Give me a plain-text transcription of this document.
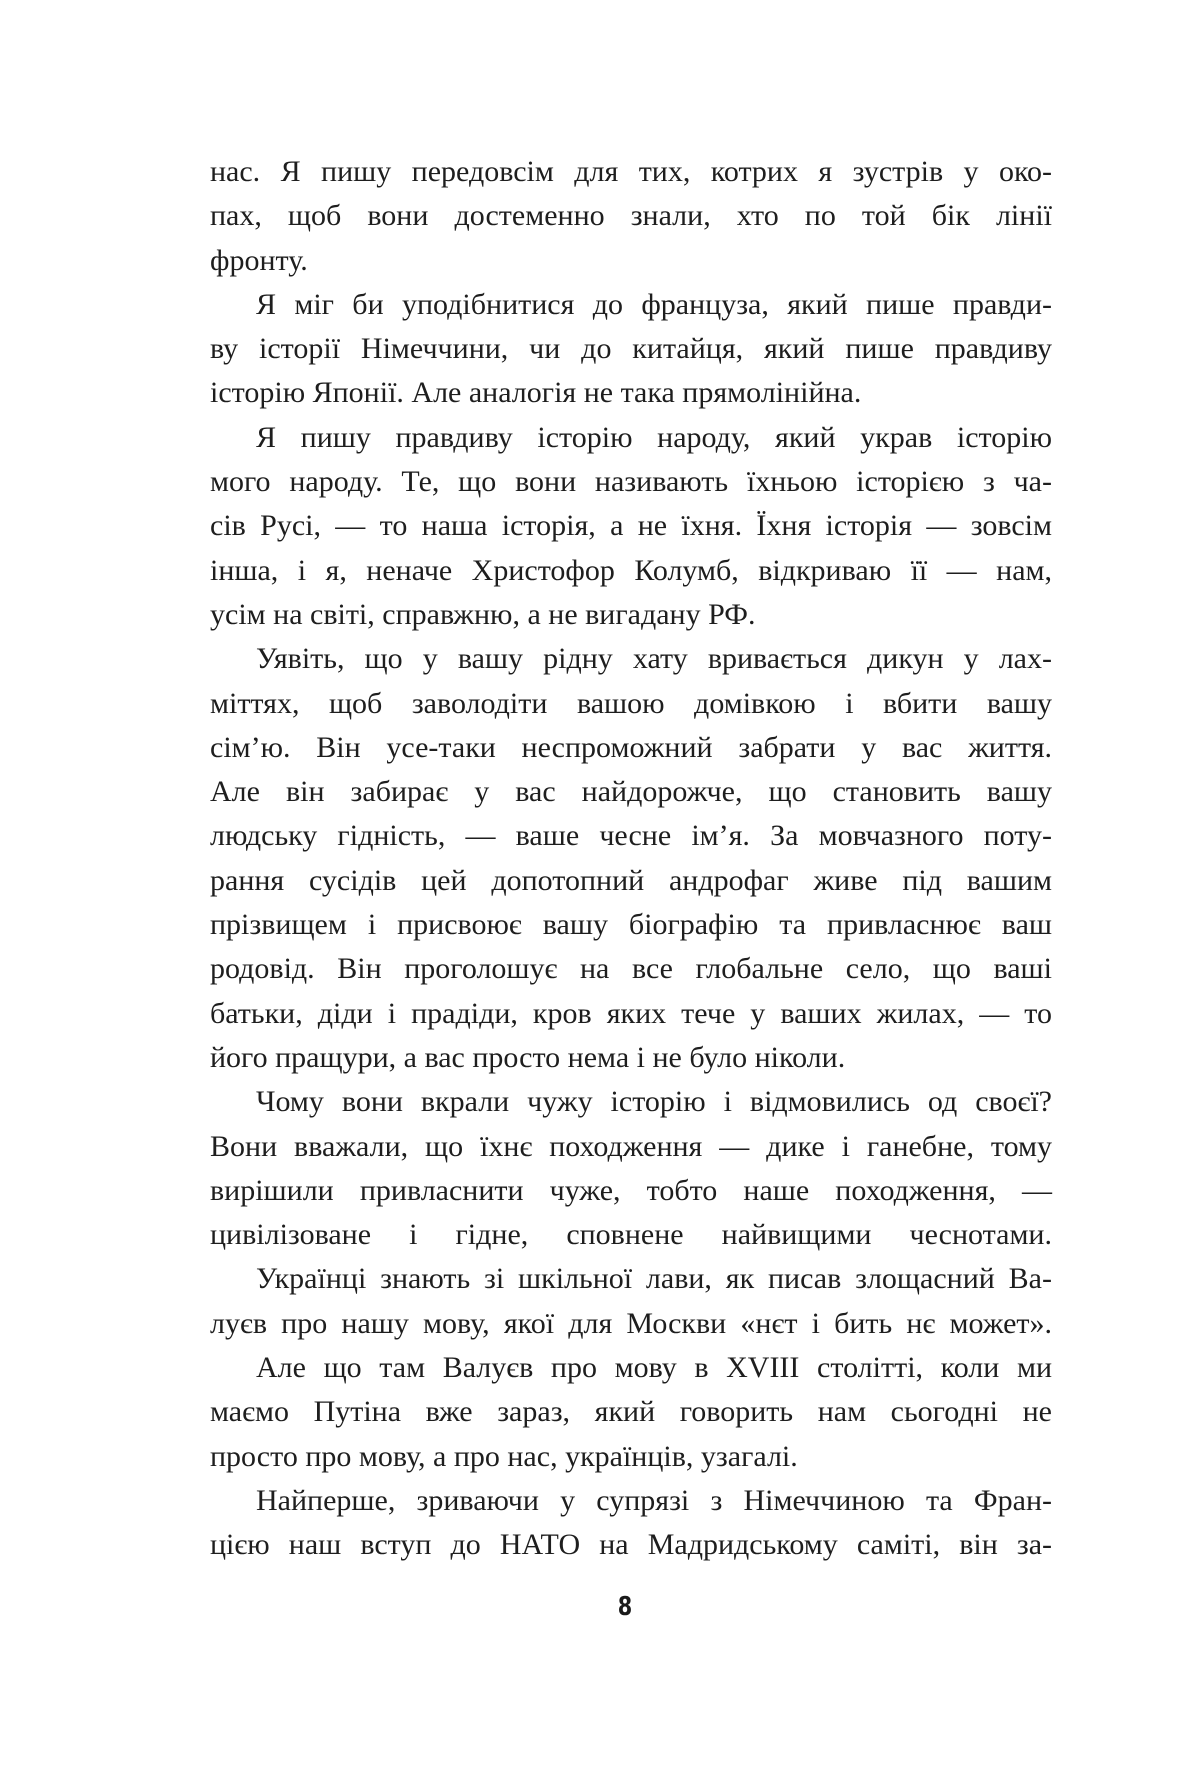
нас. Я пишу передовсім для тих, котрих я зустрів у око-
пах, щоб вони достеменно знали, хто по той бік лінії
фронту.
Я міг би уподібнитися до француза, який пише правди-
ву історії Німеччини, чи до китайця, який пише правдиву
історію Японії. Але аналогія не така прямолінійна.
Я пишу правдиву історію народу, який украв історію
мого народу. Те, що вони називають їхньою історією з ча-
сів Русі, — то наша історія, а не їхня. Їхня історія — зовсім
інша, і я, неначе Христофор Колумб, відкриваю її — нам,
усім на світі, справжню, а не вигадану РФ.
Уявіть, що у вашу рідну хату вривається дикун у лах-
міттях, щоб заволодіти вашою домівкою і вбити вашу
сім’ю. Він усе-таки неспроможний забрати у вас життя.
Але він забирає у вас найдорожче, що становить вашу
людську гідність, — ваше чесне ім’я. За мовчазного поту-
рання сусідів цей допотопний андрофаг живе під вашим
прізвищем і присвоює вашу біографію та привласнює ваш
родовід. Він проголошує на все глобальне село, що ваші
батьки, діди і прадіди, кров яких тече у ваших жилах, — то
його пращури, а вас просто нема і не було ніколи.
Чому вони вкрали чужу історію і відмовились од своєї?
Вони вважали, що їхнє походження — дике і ганебне, тому
вирішили привласнити чуже, тобто наше походження, —
цивілізоване і гідне, сповнене найвищими чеснотами.
Українці знають зі шкільної лави, як писав злощасний Ва-
луєв про нашу мову, якої для Москви «нєт і бить нє может».
Але що там Валуєв про мову в XVIII столітті, коли ми
маємо Путіна вже зараз, який говорить нам сьогодні не
просто про мову, а про нас, українців, узагалі.
Найперше, зриваючи у супрязі з Німеччиною та Фран-
цією наш вступ до НАТО на Мадридському саміті, він за-
8
